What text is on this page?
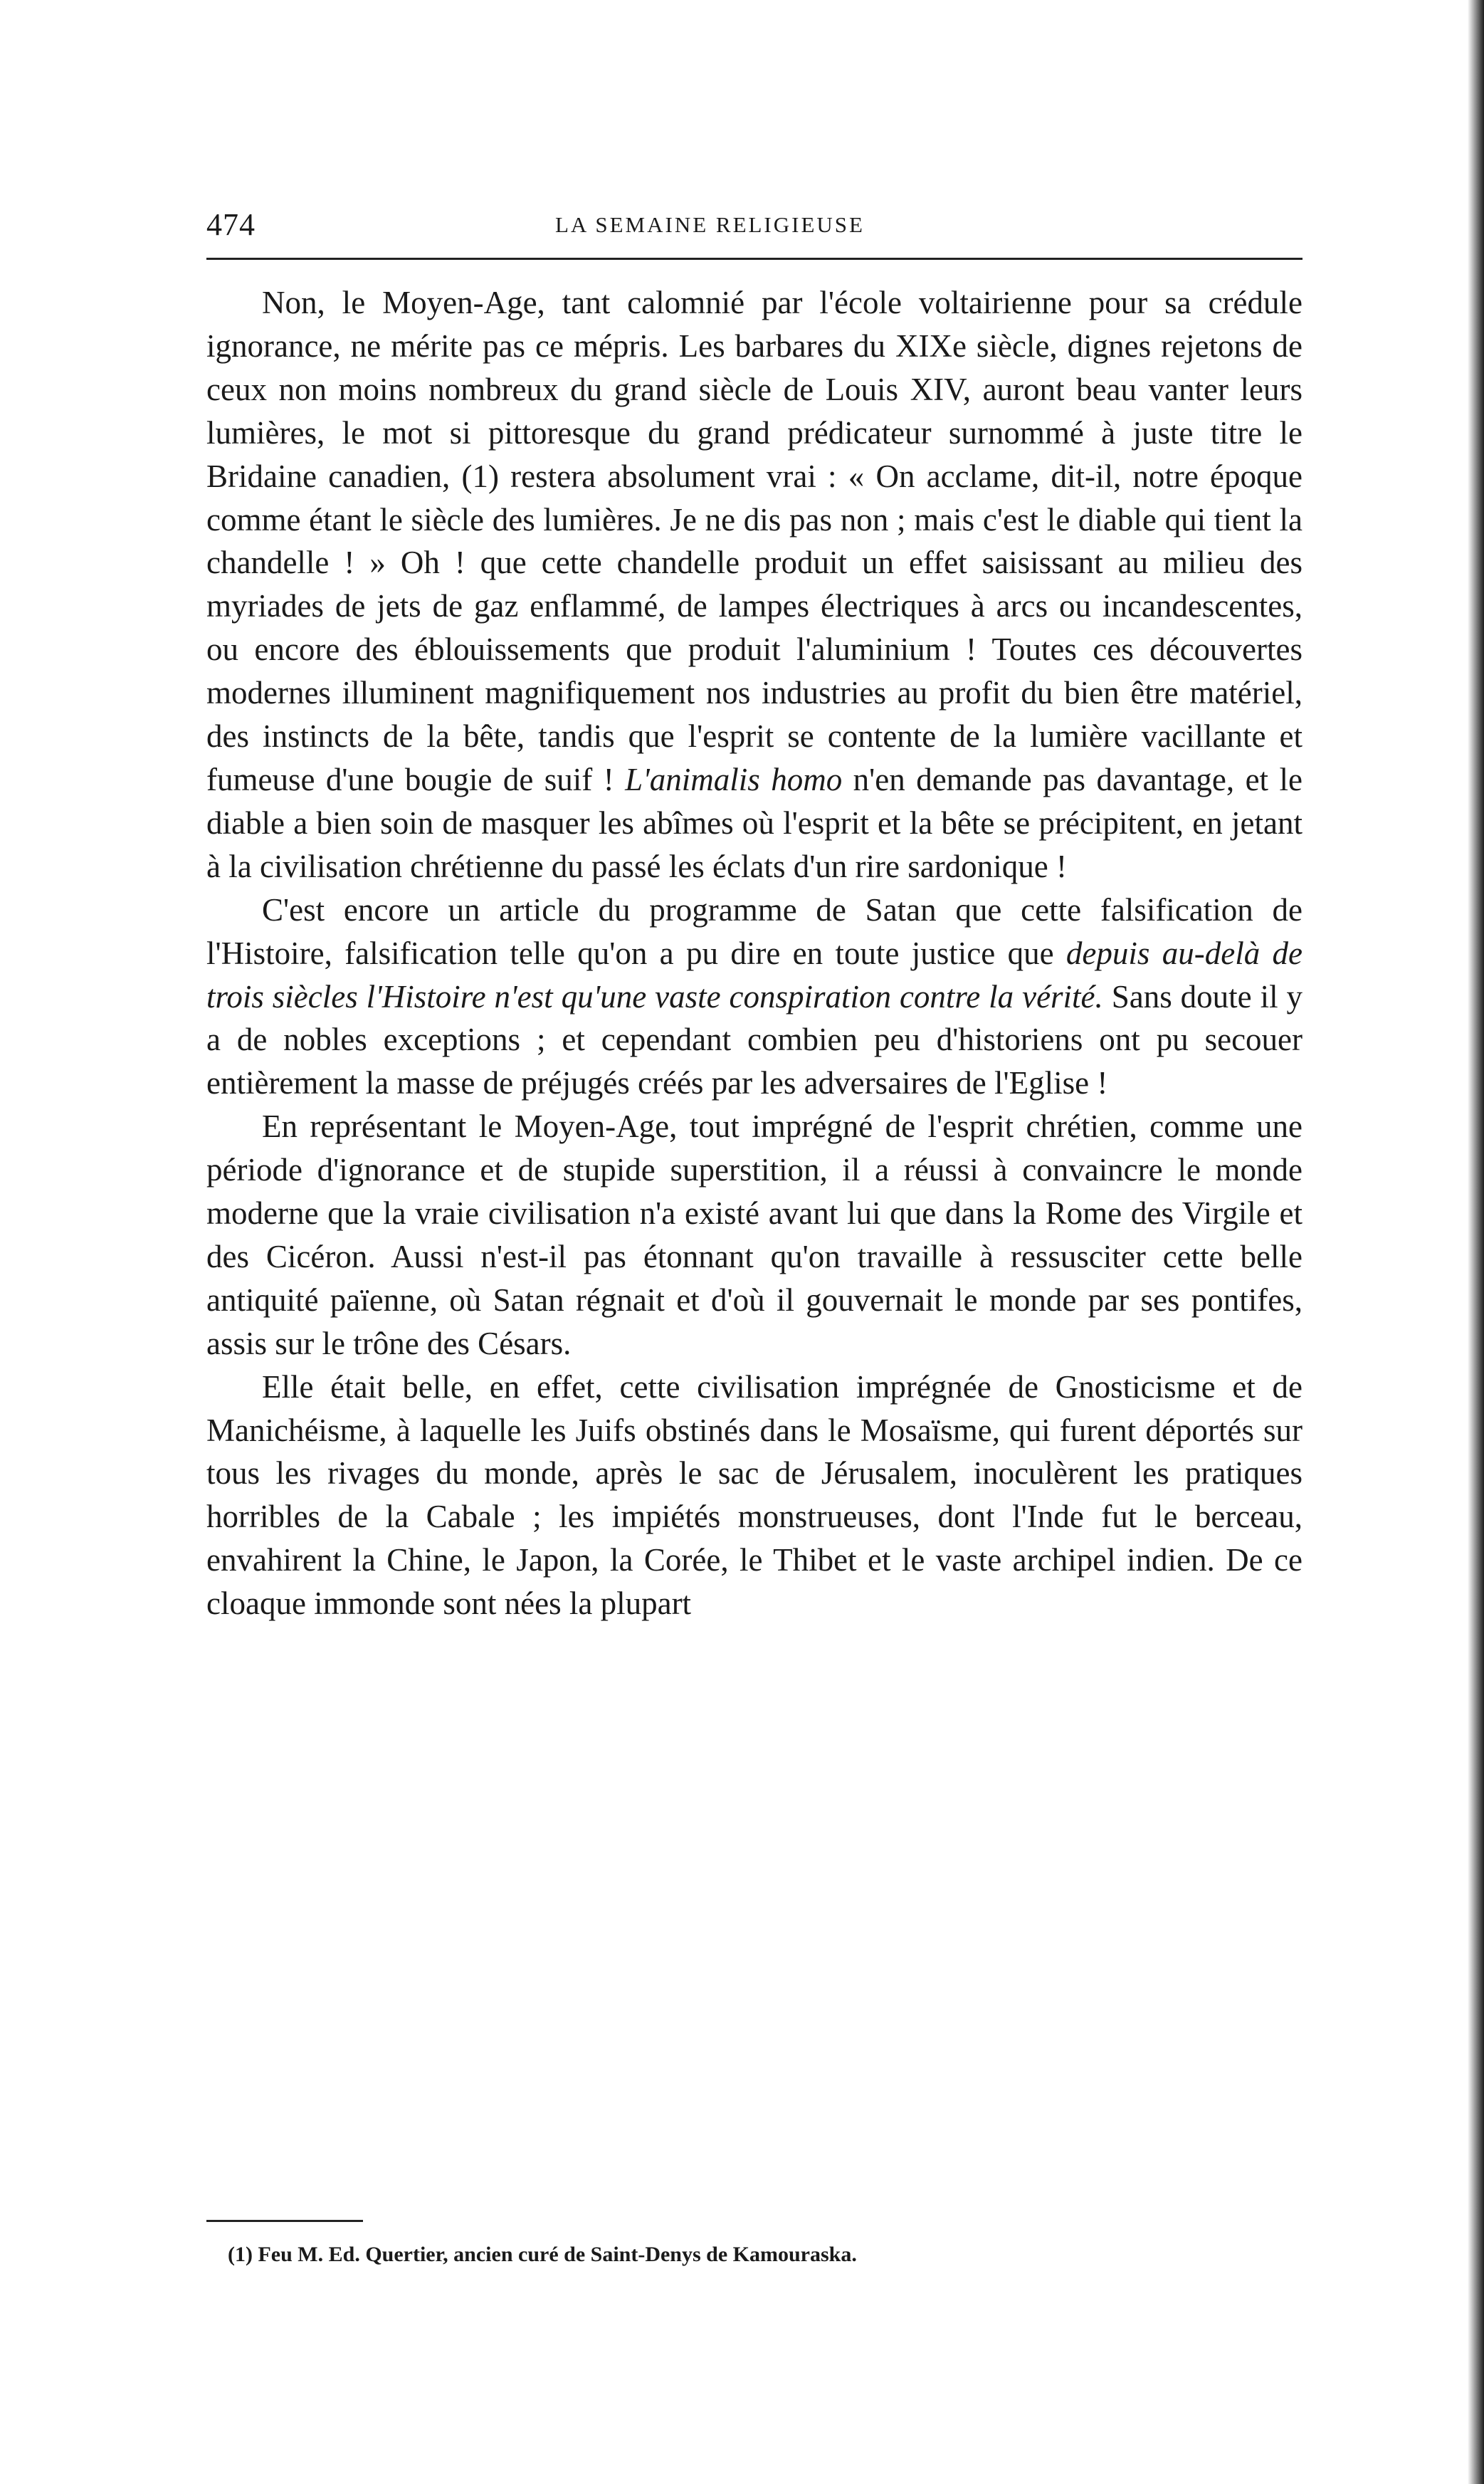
474	LA SEMAINE RELIGIEUSE

Non, le Moyen-Age, tant calomnié par l'école voltairienne pour sa crédule ignorance, ne mérite pas ce mépris. Les barbares du XIXe siècle, dignes rejetons de ceux non moins nombreux du grand siècle de Louis XIV, auront beau vanter leurs lumières, le mot si pittoresque du grand prédicateur surnommé à juste titre le Bridaine canadien, (1) restera absolument vrai : « On acclame, dit-il, notre époque comme étant le siècle des lumières. Je ne dis pas non ; mais c'est le diable qui tient la chandelle ! » Oh ! que cette chandelle produit un effet saisissant au milieu des myriades de jets de gaz enflammé, de lampes électriques à arcs ou incandescentes, ou encore des éblouissements que produit l'aluminium ! Toutes ces découvertes modernes illuminent magnifiquement nos industries au profit du bien être matériel, des instincts de la bête, tandis que l'esprit se contente de la lumière vacillante et fumeuse d'une bougie de suif ! L'animalis homo n'en demande pas davantage, et le diable a bien soin de masquer les abîmes où l'esprit et la bête se précipitent, en jetant à la civilisation chrétienne du passé les éclats d'un rire sardonique !

C'est encore un article du programme de Satan que cette falsification de l'Histoire, falsification telle qu'on a pu dire en toute justice que depuis au-delà de trois siècles l'Histoire n'est qu'une vaste conspiration contre la vérité. Sans doute il y a de nobles exceptions ; et cependant combien peu d'historiens ont pu secouer entièrement la masse de préjugés créés par les adversaires de l'Eglise !

En représentant le Moyen-Age, tout imprégné de l'esprit chrétien, comme une période d'ignorance et de stupide superstition, il a réussi à convaincre le monde moderne que la vraie civilisation n'a existé avant lui que dans la Rome des Virgile et des Cicéron. Aussi n'est-il pas étonnant qu'on travaille à ressusciter cette belle antiquité païenne, où Satan régnait et d'où il gouvernait le monde par ses pontifes, assis sur le trône des Césars.

Elle était belle, en effet, cette civilisation imprégnée de Gnosticisme et de Manichéisme, à laquelle les Juifs obstinés dans le Mosaïsme, qui furent déportés sur tous les rivages du monde, après le sac de Jérusalem, inoculèrent les pratiques horribles de la Cabale ; les impiétés monstrueuses, dont l'Inde fut le berceau, envahirent la Chine, le Japon, la Corée, le Thibet et le vaste archipel indien. De ce cloaque immonde sont nées la plupart

(1) Feu M. Ed. Quertier, ancien curé de Saint-Denys de Kamouraska.
